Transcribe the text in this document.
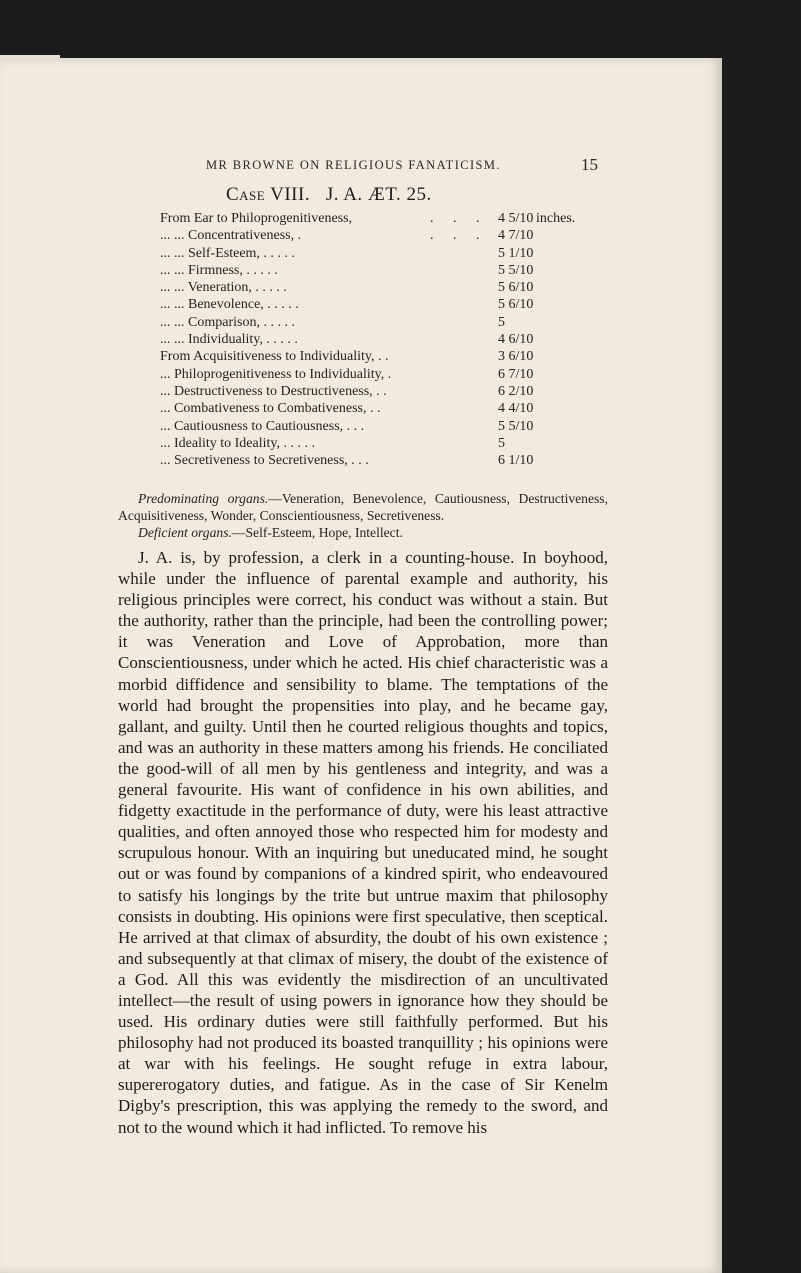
MR BROWNE ON RELIGIOUS FANATICISM.	15
Case VIII. J. A. ÆT. 25.
From Ear to Philoprogenitiveness,	. . . 4 5/10 inches.
... ... Concentrativeness, .	. . . 4 7/10
... ... Self-Esteem, . . . . .	5 1/10
... ... Firmness, . . . . .	5 5/10
... ... Veneration, . . . . .	5 6/10
... ... Benevolence, . . . . .	5 6/10
... ... Comparison, . . . . .	5
... ... Individuality, . . . . .	4 6/10
From Acquisitiveness to Individuality, . .	3 6/10
... Philoprogenitiveness to Individuality, .	6 7/10
... Destructiveness to Destructiveness, . .	6 2/10
... Combativeness to Combativeness, . .	4 4/10
... Cautiousness to Cautiousness, . . .	5 5/10
... Ideality to Ideality, . . . . .	5
... Secretiveness to Secretiveness, . . .	6 1/10
Predominating organs.—Veneration, Benevolence, Cautiousness, Destructiveness, Acquisitiveness, Wonder, Conscientiousness, Secretiveness.
Deficient organs.—Self-Esteem, Hope, Intellect.

J. A. is, by profession, a clerk in a counting-house. In boyhood, while under the influence of parental example and authority, his religious principles were correct, his conduct was without a stain. But the authority, rather than the principle, had been the controlling power; it was Veneration and Love of Approbation, more than Conscientiousness, under which he acted. His chief characteristic was a morbid diffidence and sensibility to blame. The temptations of the world had brought the propensities into play, and he became gay, gallant, and guilty. Until then he courted religious thoughts and topics, and was an authority in these matters among his friends. He conciliated the good-will of all men by his gentleness and integrity, and was a general favourite. His want of confidence in his own abilities, and fidgetty exactitude in the performance of duty, were his least attractive qualities, and often annoyed those who respected him for modesty and scrupulous honour. With an inquiring but uneducated mind, he sought out or was found by companions of a kindred spirit, who endeavoured to satisfy his longings by the trite but untrue maxim that philosophy consists in doubting. His opinions were first speculative, then sceptical. He arrived at that climax of absurdity, the doubt of his own existence ; and subsequently at that climax of misery, the doubt of the existence of a God. All this was evidently the misdirection of an uncultivated intellect—the result of using powers in ignorance how they should be used. His ordinary duties were still faithfully performed. But his philosophy had not produced its boasted tranquillity ; his opinions were at war with his feelings. He sought refuge in extra labour, supererogatory duties, and fatigue. As in the case of Sir Kenelm Digby's prescription, this was applying the remedy to the sword, and not to the wound which it had inflicted. To remove his
